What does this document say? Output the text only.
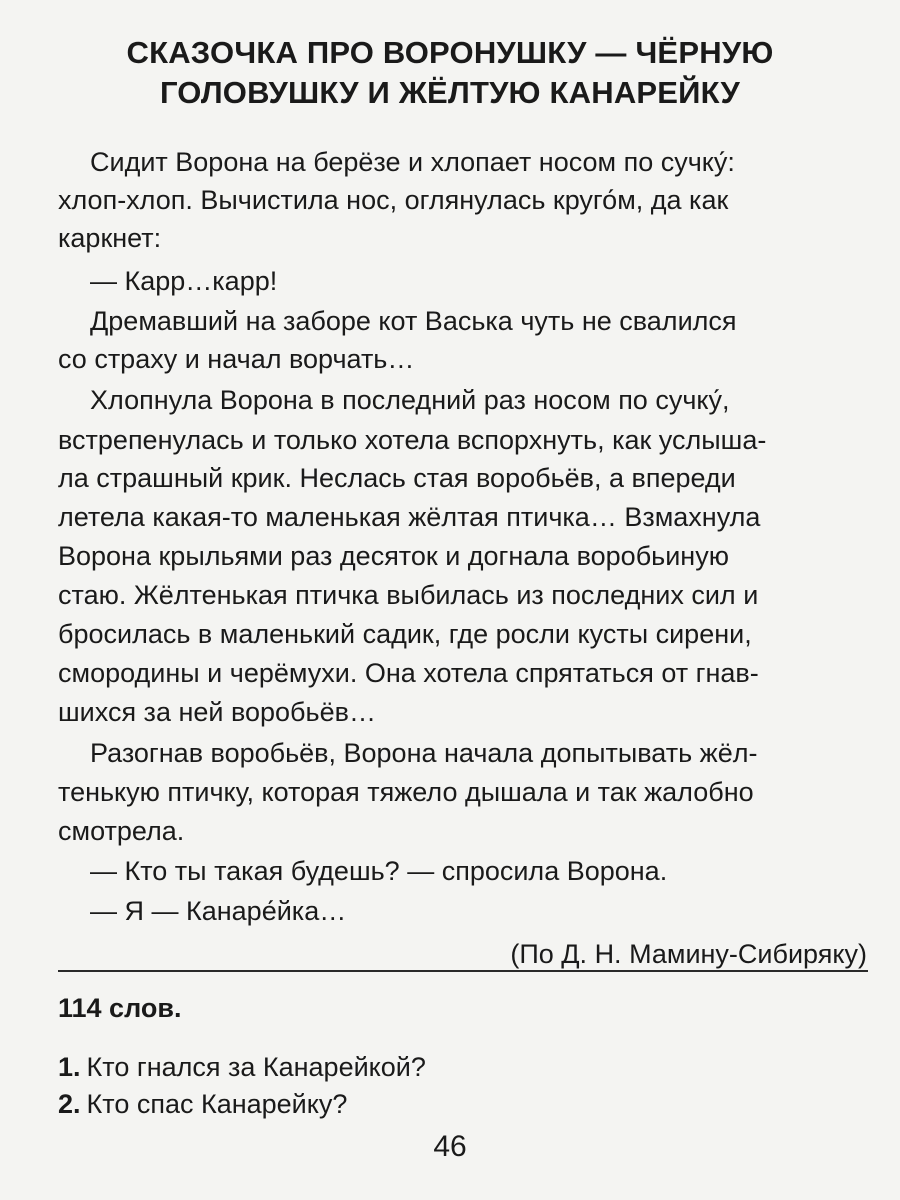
СКАЗОЧКА ПРО ВОРОНУШКУ — ЧЁРНУЮ
ГОЛОВУШКУ И ЖЁЛТУЮ КАНАРЕЙКУ
Сидит Ворона на берёзе и хлопает носом по сучку́:
хлоп-хлоп. Вычистила нос, оглянулась круго́м, да как
каркнет:
— Карр…карр!
Дремавший на заборе кот Васька чуть не свалился
со страху и начал ворчать…
Хлопнула Ворона в последний раз носом по сучку́,
встрепенулась и только хотела вспорхнуть, как услыша-
ла страшный крик. Неслась стая воробьёв, а впереди
летела какая-то маленькая жёлтая птичка… Взмахнула
Ворона крыльями раз десяток и догнала воробьиную
стаю. Жёлтенькая птичка выбилась из последних сил и
бросилась в маленький садик, где росли кусты сирени,
смородины и черёмухи. Она хотела спрятаться от гнав-
шихся за ней воробьёв…
Разогнав воробьёв, Ворона начала допытывать жёл-
тенькую птичку, которая тяжело дышала и так жалобно
смотрела.
— Кто ты такая будешь? — спросила Ворона.
— Я — Канаре́йка…
(По Д. Н. Мамину-Сибиряку)
114 слов.
1. Кто гнался за Канарейкой?
2. Кто спас Канарейку?
46
